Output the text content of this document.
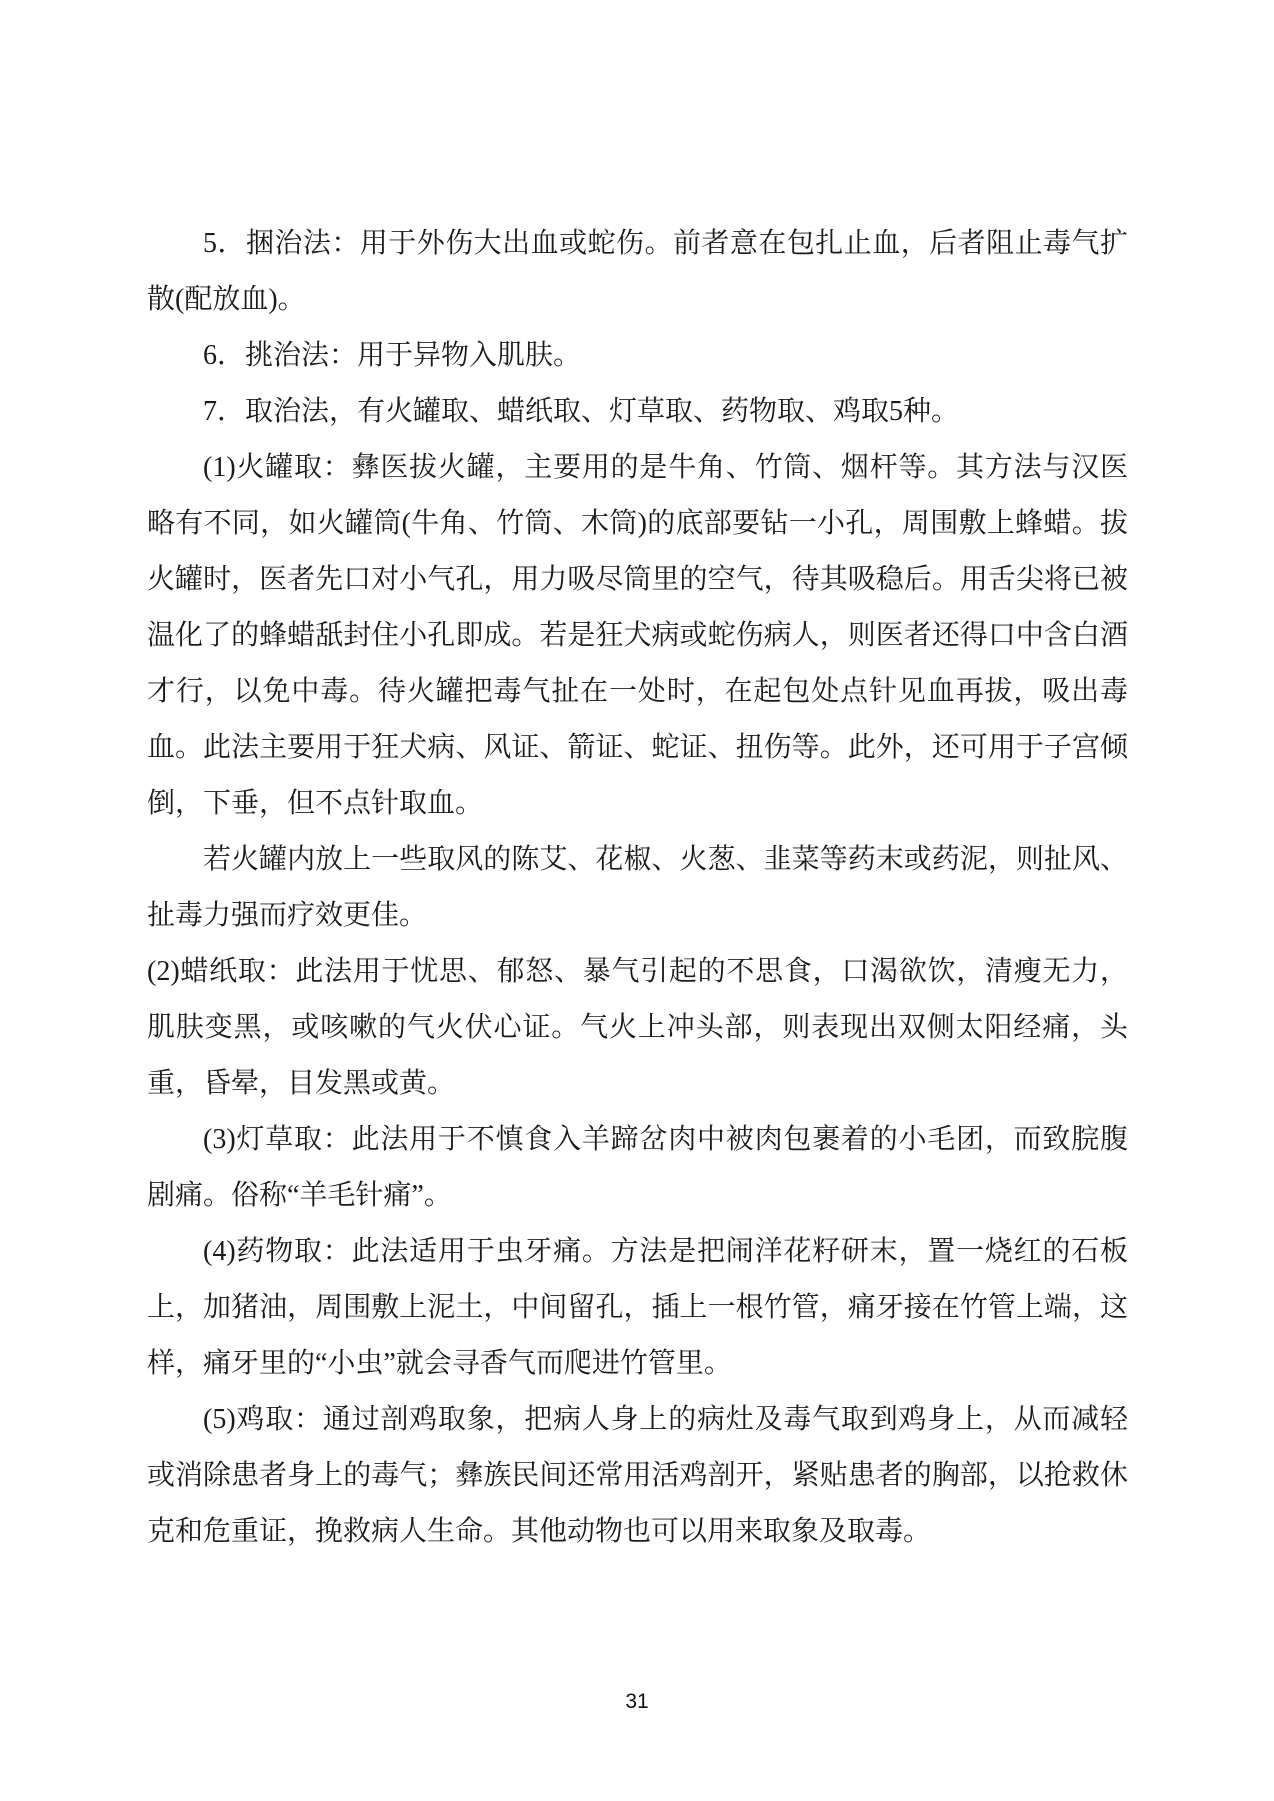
5．捆治法：用于外伤大出血或蛇伤。前者意在包扎止血，后者阻止毒气扩散(配放血)。

6．挑治法：用于异物入肌肤。

7．取治法，有火罐取、蜡纸取、灯草取、药物取、鸡取5种。

(1)火罐取：彝医拔火罐，主要用的是牛角、竹筒、烟杆等。其方法与汉医略有不同，如火罐筒(牛角、竹筒、木筒)的底部要钻一小孔，周围敷上蜂蜡。拔火罐时，医者先口对小气孔，用力吸尽筒里的空气，待其吸稳后。用舌尖将已被温化了的蜂蜡舐封住小孔即成。若是狂犬病或蛇伤病人，则医者还得口中含白酒才行，以免中毒。待火罐把毒气扯在一处时，在起包处点针见血再拔，吸出毒血。此法主要用于狂犬病、风证、箭证、蛇证、扭伤等。此外，还可用于子宫倾倒，下垂，但不点针取血。

若火罐内放上一些取风的陈艾、花椒、火葱、韭菜等药末或药泥，则扯风、扯毒力强而疗效更佳。

(2)蜡纸取：此法用于忧思、郁怒、暴气引起的不思食，口渴欲饮，清瘦无力，肌肤变黑，或咳嗽的气火伏心证。气火上冲头部，则表现出双侧太阳经痛，头重，昏晕，目发黑或黄。

(3)灯草取：此法用于不慎食入羊蹄岔肉中被肉包裹着的小毛团，而致脘腹剧痛。俗称“羊毛针痛”。

(4)药物取：此法适用于虫牙痛。方法是把闹洋花籽研末，置一烧红的石板上，加猪油，周围敷上泥土，中间留孔，插上一根竹管，痛牙接在竹管上端，这样，痛牙里的“小虫”就会寻香气而爬进竹管里。

(5)鸡取：通过剖鸡取象，把病人身上的病灶及毒气取到鸡身上，从而减轻或消除患者身上的毒气；彝族民间还常用活鸡剖开，紧贴患者的胸部，以抢救休克和危重证，挽救病人生命。其他动物也可以用来取象及取毒。

31
